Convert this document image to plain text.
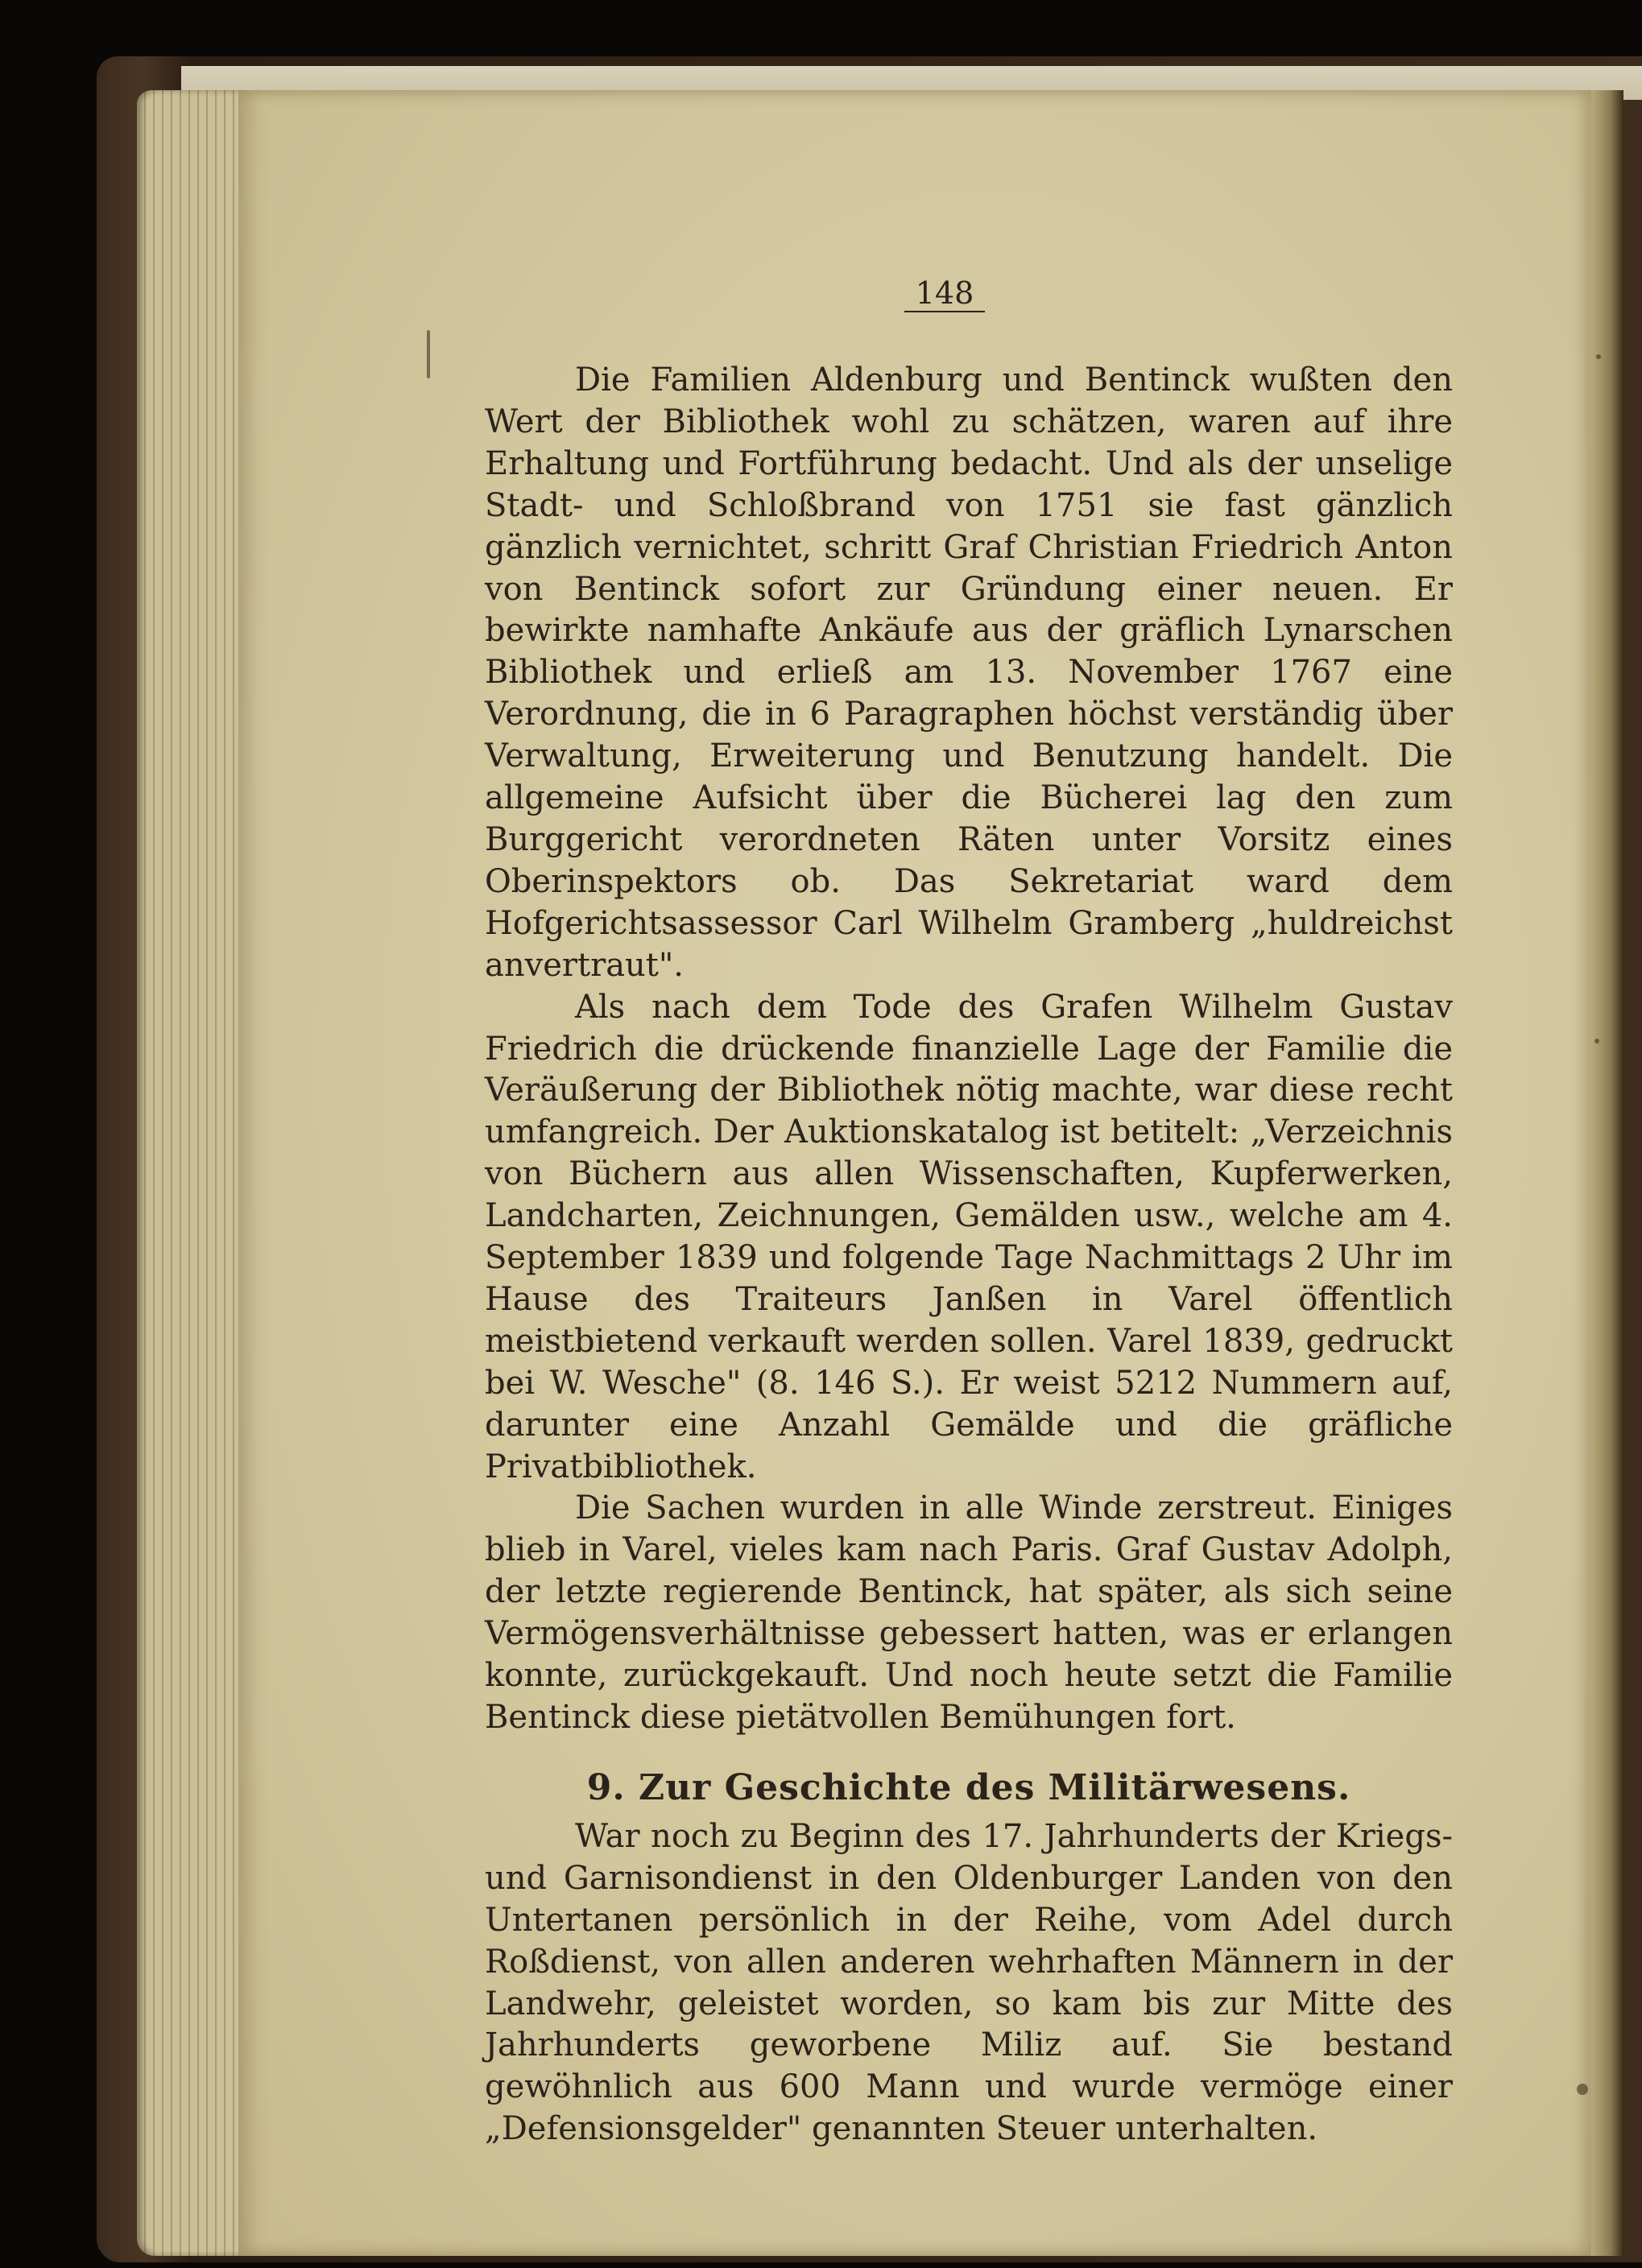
148

Die Familien Aldenburg und Bentinck wußten den Wert der Bibliothek wohl zu schätzen, waren auf ihre Erhaltung und Fortführung bedacht. Und als der unselige Stadt- und Schloßbrand von 1751 sie fast gänzlich gänzlich vernichtet, schritt Graf Christian Friedrich Anton von Bentinck sofort zur Gründung einer neuen. Er bewirkte namhafte Ankäufe aus der gräflich Lynarschen Bibliothek und erließ am 13. November 1767 eine Verordnung, die in 6 Paragraphen höchst verständig über Verwaltung, Erweiterung und Benutzung handelt. Die allgemeine Aufsicht über die Bücherei lag den zum Burggericht verordneten Räten unter Vorsitz eines Oberinspektors ob. Das Sekretariat ward dem Hofgerichtsassessor Carl Wilhelm Gramberg „huldreichst anvertraut".

Als nach dem Tode des Grafen Wilhelm Gustav Friedrich die drückende finanzielle Lage der Familie die Veräußerung der Bibliothek nötig machte, war diese recht umfangreich. Der Auktionskatalog ist betitelt: „Verzeichnis von Büchern aus allen Wissenschaften, Kupferwerken, Landcharten, Zeichnungen, Gemälden usw., welche am 4. September 1839 und folgende Tage Nachmittags 2 Uhr im Hause des Traiteurs Janßen in Varel öffentlich meistbietend verkauft werden sollen. Varel 1839, gedruckt bei W. Wesche" (8. 146 S.). Er weist 5212 Nummern auf, darunter eine Anzahl Gemälde und die gräfliche Privatbibliothek.

Die Sachen wurden in alle Winde zerstreut. Einiges blieb in Varel, vieles kam nach Paris. Graf Gustav Adolph, der letzte regierende Bentinck, hat später, als sich seine Vermögensverhältnisse gebessert hatten, was er erlangen konnte, zurückgekauft. Und noch heute setzt die Familie Bentinck diese pietätvollen Bemühungen fort.

9. Zur Geschichte des Militärwesens.

War noch zu Beginn des 17. Jahrhunderts der Kriegs- und Garnisondienst in den Oldenburger Landen von den Untertanen persönlich in der Reihe, vom Adel durch Roßdienst, von allen anderen wehrhaften Männern in der Landwehr, geleistet worden, so kam bis zur Mitte des Jahrhunderts geworbene Miliz auf. Sie bestand gewöhnlich aus 600 Mann und wurde vermöge einer „Defensionsgelder" genannten Steuer unterhalten.
